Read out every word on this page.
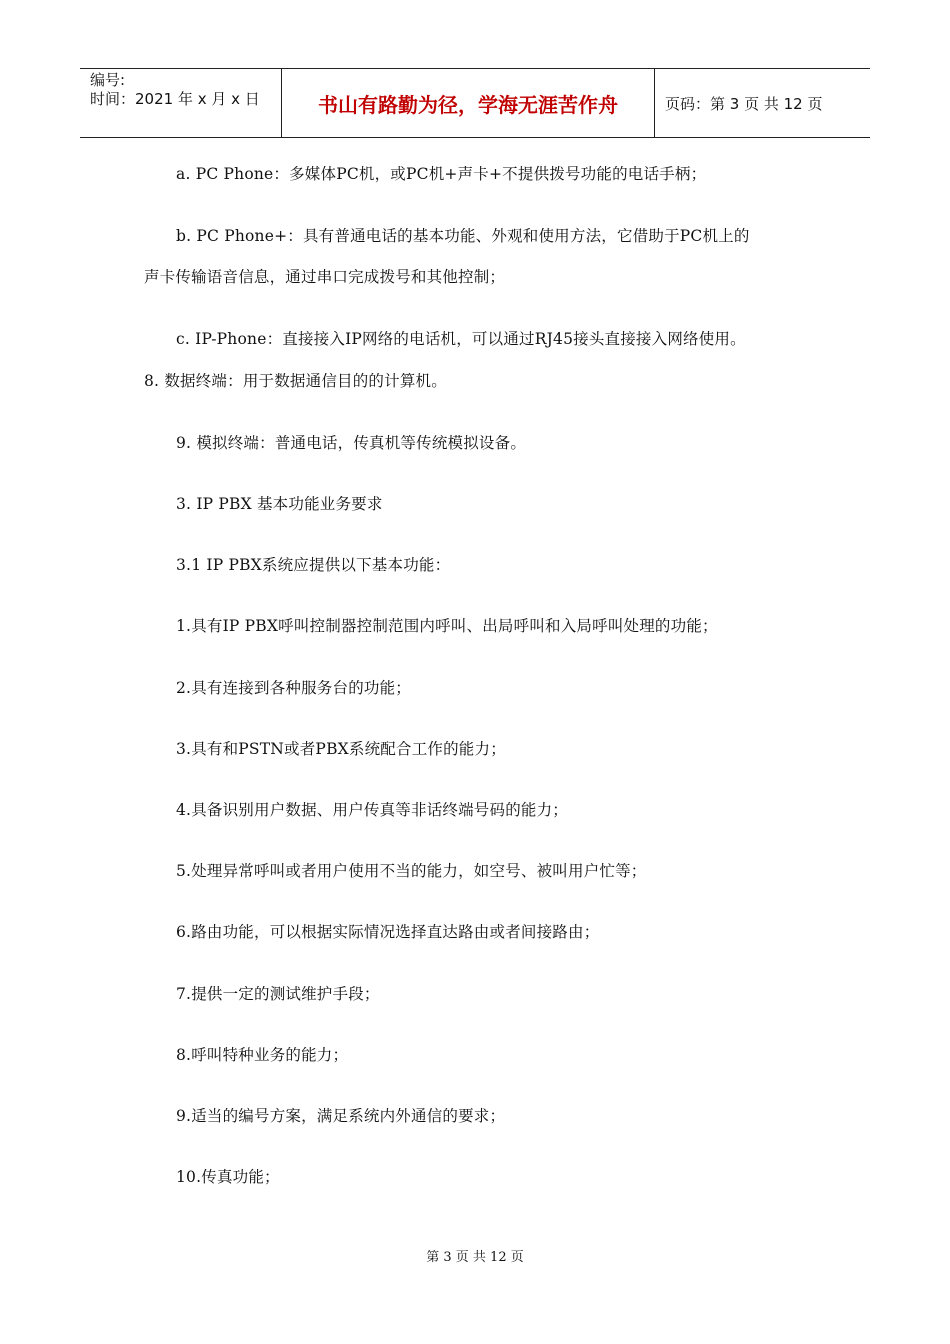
编号:
时间：2021 年 x 月 x 日	书山有路勤为径，学海无涯苦作舟	页码：第 3 页 共 12 页
a. PC Phone：多媒体PC机，或PC机+声卡+不提供拨号功能的电话手柄；
b. PC Phone+：具有普通电话的基本功能、外观和使用方法，它借助于PC机上的
声卡传输语音信息，通过串口完成拨号和其他控制；
c. IP-Phone：直接接入IP网络的电话机，可以通过RJ45接头直接接入网络使用。
8. 数据终端：用于数据通信目的的计算机。
9. 模拟终端：普通电话，传真机等传统模拟设备。
3. IP PBX 基本功能业务要求
3.1 IP PBX系统应提供以下基本功能：
1.具有IP PBX呼叫控制器控制范围内呼叫、出局呼叫和入局呼叫处理的功能；
2.具有连接到各种服务台的功能；
3.具有和PSTN或者PBX系统配合工作的能力；
4.具备识别用户数据、用户传真等非话终端号码的能力；
5.处理异常呼叫或者用户使用不当的能力，如空号、被叫用户忙等；
6.路由功能，可以根据实际情况选择直达路由或者间接路由；
7.提供一定的测试维护手段；
8.呼叫特种业务的能力；
9.适当的编号方案，满足系统内外通信的要求；
10.传真功能；
第 3 页 共 12 页
